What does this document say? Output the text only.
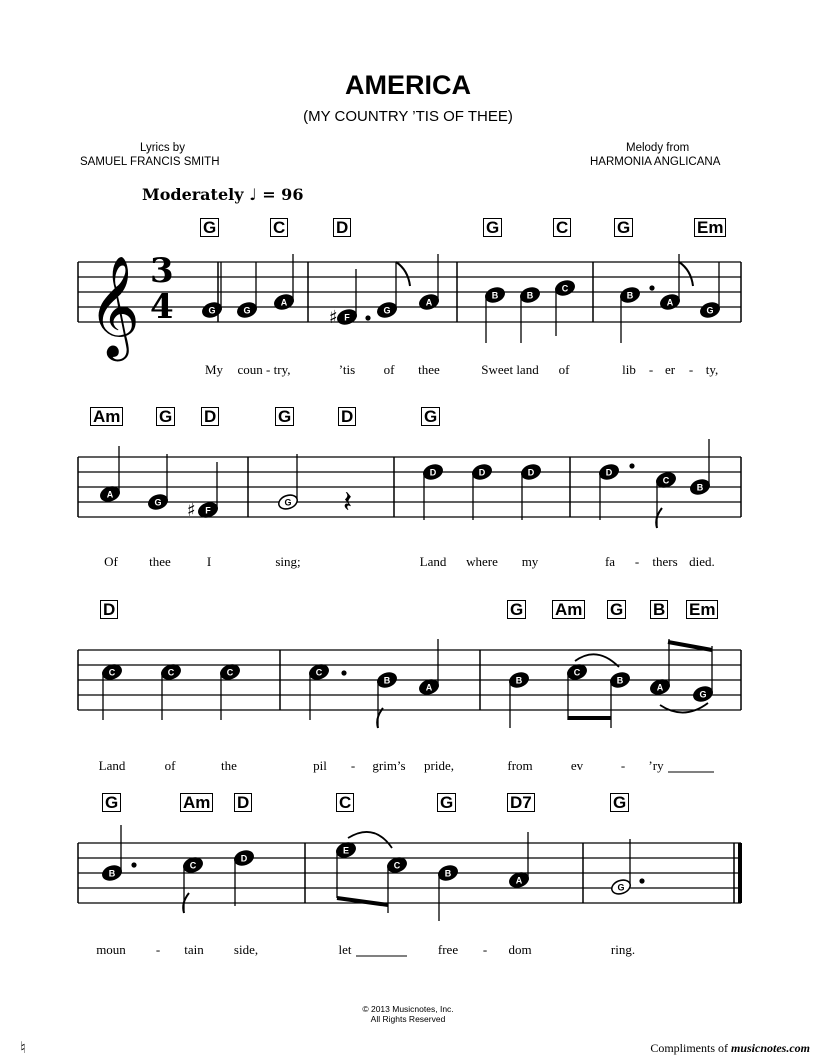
AMERICA
(MY COUNTRY ’TIS OF THEE)
Lyrics by
SAMUEL FRANCIS SMITH
Melody from
HARMONIA ANGLICANA
Moderately ♩ = 96
G	C	D	G	C	G	Em
Am G D	G	D	G
D	G Am G B Em
G	Am D	C	G	D7	G
G	G
A
F
G
A
B	B
C
B
A
G
A
G
F
G
D	D	D	D
C
B
C	C	C	C
B
A
B
C
B
A
G
B
C
D
E
C
B
A
G
♯
♯	𝄽
𝄞 3
4
My coun - try,	’tis of thee	Sweet land of	lib - er - ty,
Of thee	I	sing;	Land where my	fa - thers died.
Land	of	the	pil - grim’s pride,	from	ev	- ’ry
moun - tain side,	let	free - dom	ring.
© 2013 Musicnotes, Inc.
All Rights Reserved
♮	Compliments of musicnotes.com
